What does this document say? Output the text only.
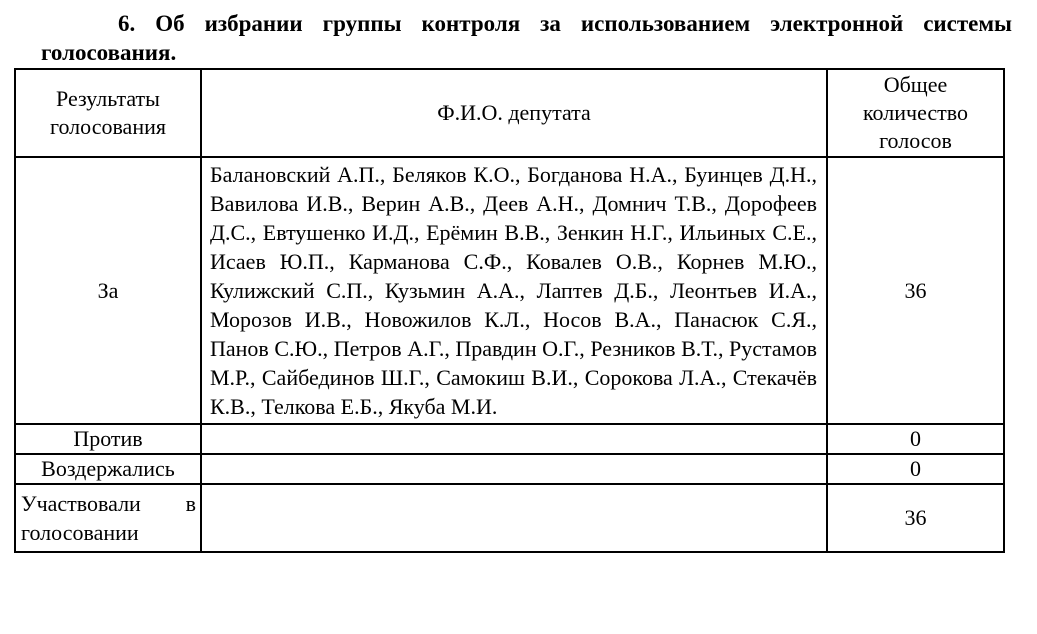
6. Об избрании группы контроля за использованием электронной системы голосования.

Результаты голосования	Ф.И.О. депутата	Общее количество голосов
За	Балановский А.П., Беляков К.О., Богданова Н.А., Буинцев Д.Н., Вавилова И.В., Верин А.В., Деев А.Н., Домнич Т.В., Дорофеев Д.С., Евтушенко И.Д., Ерёмин В.В., Зенкин Н.Г., Ильиных С.Е., Исаев Ю.П., Карманова С.Ф., Ковалев О.В., Корнев М.Ю., Кулижский С.П., Кузьмин А.А., Лаптев Д.Б., Леонтьев И.А., Морозов И.В., Новожилов К.Л., Носов В.А., Панасюк С.Я., Панов С.Ю., Петров А.Г., Правдин О.Г., Резников В.Т., Рустамов М.Р., Сайбединов Ш.Г., Самокиш В.И., Сорокова Л.А., Стекачёв К.В., Телкова Е.Б., Якуба М.И.	36
Против		0
Воздержались		0
Участвовали в голосовании		36
